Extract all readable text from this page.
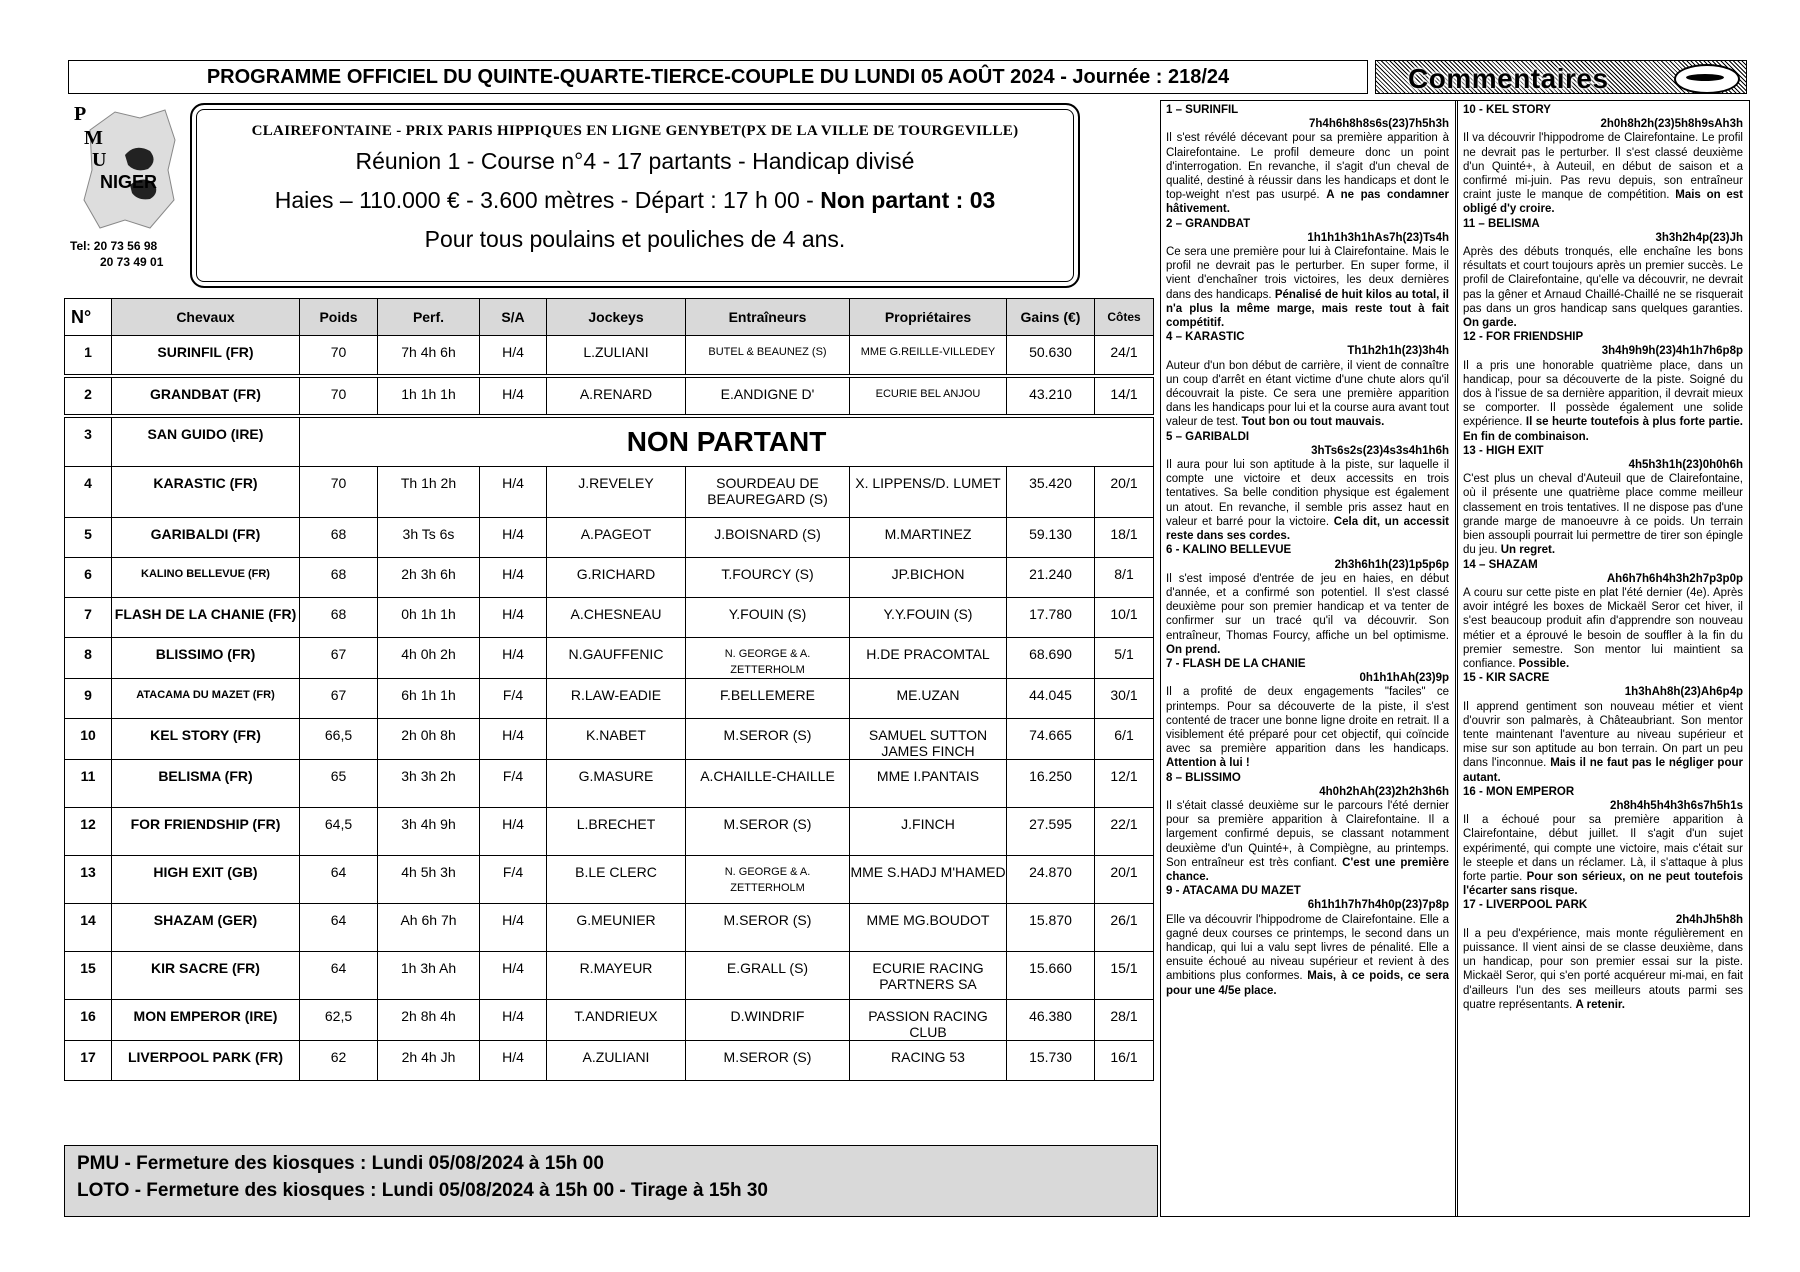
PROGRAMME OFFICIEL DU QUINTE-QUARTE-TIERCE-COUPLE DU LUNDI 05 AOÛT 2024 - Journée : 218/24	Commentaires
P
M
U
NIGER
Tel: 20 73 56 98
20 73 49 01
CLAIREFONTAINE - PRIX PARIS HIPPIQUES EN LIGNE GENYBET(PX DE LA VILLE DE TOURGEVILLE)
Réunion 1 - Course n°4 - 17 partants - Handicap divisé
Haies – 110.000 € - 3.600 mètres - Départ : 17 h 00 - Non partant : 03
Pour tous poulains et pouliches de 4 ans.
N°	Chevaux	Poids	Perf.	S/A	Jockeys	Entraîneurs	Propriétaires	Gains (€)	Côtes
1	SURINFIL (FR)	70	7h 4h 6h	H/4	L.ZULIANI	BUTEL & BEAUNEZ (S)	MME G.REILLE-VILLEDEY	50.630	24/1
2	GRANDBAT (FR)	70	1h 1h 1h	H/4	A.RENARD	E.ANDIGNE D'	ECURIE BEL ANJOU	43.210	14/1
3	SAN GUIDO (IRE)	NON PARTANT							
4	KARASTIC (FR)	70	Th 1h 2h	H/4	J.REVELEY	SOURDEAU DE BEAUREGARD (S)	X. LIPPENS/D. LUMET	35.420	20/1
5	GARIBALDI (FR)	68	3h Ts 6s	H/4	A.PAGEOT	J.BOISNARD (S)	M.MARTINEZ	59.130	18/1
6	KALINO BELLEVUE (FR)	68	2h 3h 6h	H/4	G.RICHARD	T.FOURCY (S)	JP.BICHON	21.240	8/1
7	FLASH DE LA CHANIE (FR)	68	0h 1h 1h	H/4	A.CHESNEAU	Y.FOUIN (S)	Y.Y.FOUIN (S)	17.780	10/1
8	BLISSIMO (FR)	67	4h 0h 2h	H/4	N.GAUFFENIC	N. GEORGE & A. ZETTERHOLM	H.DE PRACOMTAL	68.690	5/1
9	ATACAMA DU MAZET (FR)	67	6h 1h 1h	F/4	R.LAW-EADIE	F.BELLEMERE	ME.UZAN	44.045	30/1
10	KEL STORY (FR)	66,5	2h 0h 8h	H/4	K.NABET	M.SEROR (S)	SAMUEL SUTTON JAMES FINCH	74.665	6/1
11	BELISMA (FR)	65	3h 3h 2h	F/4	G.MASURE	A.CHAILLE-CHAILLE	MME I.PANTAIS	16.250	12/1
12	FOR FRIENDSHIP (FR)	64,5	3h 4h 9h	H/4	L.BRECHET	M.SEROR (S)	J.FINCH	27.595	22/1
13	HIGH EXIT (GB)	64	4h 5h 3h	F/4	B.LE CLERC	N. GEORGE & A. ZETTERHOLM	MME S.HADJ M'HAMED	24.870	20/1
14	SHAZAM (GER)	64	Ah 6h 7h	H/4	G.MEUNIER	M.SEROR (S)	MME MG.BOUDOT	15.870	26/1
15	KIR SACRE (FR)	64	1h 3h Ah	H/4	R.MAYEUR	E.GRALL (S)	ECURIE RACING PARTNERS SA	15.660	15/1
16	MON EMPEROR (IRE)	62,5	2h 8h 4h	H/4	T.ANDRIEUX	D.WINDRIF	PASSION RACING CLUB	46.380	28/1
17	LIVERPOOL PARK (FR)	62	2h 4h Jh	H/4	A.ZULIANI	M.SEROR (S)	RACING 53	15.730	16/1
PMU - Fermeture des kiosques : Lundi 05/08/2024 à 15h 00
LOTO - Fermeture des kiosques : Lundi 05/08/2024 à 15h 00 - Tirage à 15h 30
1 – SURINFIL
7h4h6h8h8s6s(23)7h5h3h
Il s'est révélé décevant pour sa première apparition à Clairefontaine. Le profil demeure donc un point d'interrogation. En revanche, il s'agit d'un cheval de qualité, destiné à réussir dans les handicaps et dont le top-weight n'est pas usurpé. A ne pas condamner hâtivement.
2 – GRANDBAT
1h1h1h3h1hAs7h(23)Ts4h
Ce sera une première pour lui à Clairefontaine. Mais le profil ne devrait pas le perturber. En super forme, il vient d'enchaîner trois victoires, les deux dernières dans des handicaps. Pénalisé de huit kilos au total, il n'a plus la même marge, mais reste tout à fait compétitif.
4 – KARASTIC
Th1h2h1h(23)3h4h
Auteur d'un bon début de carrière, il vient de connaître un coup d'arrêt en étant victime d'une chute alors qu'il découvrait la piste. Ce sera une première apparition dans les handicaps pour lui et la course aura avant tout valeur de test. Tout bon ou tout mauvais.
5 – GARIBALDI
3hTs6s2s(23)4s3s4h1h6h
Il aura pour lui son aptitude à la piste, sur laquelle il compte une victoire et deux accessits en trois tentatives. Sa belle condition physique est également un atout. En revanche, il semble pris assez haut en valeur et barré pour la victoire. Cela dit, un accessit reste dans ses cordes.
6 - KALINO BELLEVUE
2h3h6h1h(23)1p5p6p
Il s'est imposé d'entrée de jeu en haies, en début d'année, et a confirmé son potentiel. Il s'est classé deuxième pour son premier handicap et va tenter de confirmer sur un tracé qu'il va découvrir. Son entraîneur, Thomas Fourcy, affiche un bel optimisme. On prend.
7 - FLASH DE LA CHANIE
0h1h1hAh(23)9p
Il a profité de deux engagements "faciles" ce printemps. Pour sa découverte de la piste, il s'est contenté de tracer une bonne ligne droite en retrait. Il a visiblement été préparé pour cet objectif, qui coïncide avec sa première apparition dans les handicaps. Attention à lui !
8 – BLISSIMO
4h0h2hAh(23)2h2h3h6h
Il s'était classé deuxième sur le parcours l'été dernier pour sa première apparition à Clairefontaine. Il a largement confirmé depuis, se classant notamment deuxième d'un Quinté+, à Compiègne, au printemps. Son entraîneur est très confiant. C'est une première chance.
9 - ATACAMA DU MAZET
6h1h1h7h7h4h0p(23)7p8p
Elle va découvrir l'hippodrome de Clairefontaine. Elle a gagné deux courses ce printemps, le second dans un handicap, qui lui a valu sept livres de pénalité. Elle a ensuite échoué au niveau supérieur et revient à des ambitions plus conformes. Mais, à ce poids, ce sera pour une 4/5e place.
10 - KEL STORY
2h0h8h2h(23)5h8h9sAh3h
Il va découvrir l'hippodrome de Clairefontaine. Le profil ne devrait pas le perturber. Il s'est classé deuxième d'un Quinté+, à Auteuil, en début de saison et a confirmé mi-juin. Pas revu depuis, son entraîneur craint juste le manque de compétition. Mais on est obligé d'y croire.
11 – BELISMA
3h3h2h4p(23)Jh
Après des débuts tronqués, elle enchaîne les bons résultats et court toujours après un premier succès. Le profil de Clairefontaine, qu'elle va découvrir, ne devrait pas la gêner et Arnaud Chaillé-Chaillé ne se risquerait pas dans un gros handicap sans quelques garanties. On garde.
12 - FOR FRIENDSHIP
3h4h9h9h(23)4h1h7h6p8p
Il a pris une honorable quatrième place, dans un handicap, pour sa découverte de la piste. Soigné du dos à l'issue de sa dernière apparition, il devrait mieux se comporter. Il possède également une solide expérience. Il se heurte toutefois à plus forte partie. En fin de combinaison.
13 - HIGH EXIT
4h5h3h1h(23)0h0h6h
C'est plus un cheval d'Auteuil que de Clairefontaine, où il présente une quatrième place comme meilleur classement en trois tentatives. Il ne dispose pas d'une grande marge de manoeuvre à ce poids. Un terrain bien assoupli pourrait lui permettre de tirer son épingle du jeu. Un regret.
14 – SHAZAM
Ah6h7h6h4h3h2h7p3p0p
A couru sur cette piste en plat l'été dernier (4e). Après avoir intégré les boxes de Mickaël Seror cet hiver, il s'est beaucoup produit afin d'apprendre son nouveau métier et a éprouvé le besoin de souffler à la fin du premier semestre. Son mentor lui maintient sa confiance. Possible.
15 - KIR SACRE
1h3hAh8h(23)Ah6p4p
Il apprend gentiment son nouveau métier et vient d'ouvrir son palmarès, à Châteaubriant. Son mentor tente maintenant l'aventure au niveau supérieur et mise sur son aptitude au bon terrain. On part un peu dans l'inconnue. Mais il ne faut pas le négliger pour autant.
16 - MON EMPEROR
2h8h4h5h4h3h6s7h5h1s
Il a échoué pour sa première apparition à Clairefontaine, début juillet. Il s'agit d'un sujet expérimenté, qui compte une victoire, mais c'était sur le steeple et dans un réclamer. Là, il s'attaque à plus forte partie. Pour son sérieux, on ne peut toutefois l'écarter sans risque.
17 - LIVERPOOL PARK
2h4hJh5h8h
Il a peu d'expérience, mais monte régulièrement en puissance. Il vient ainsi de se classe deuxième, dans un handicap, pour son premier essai sur la piste. Mickaël Seror, qui s'en porté acquéreur mi-mai, en fait d'ailleurs l'un des ses meilleurs atouts parmi ses quatre représentants. A retenir.
